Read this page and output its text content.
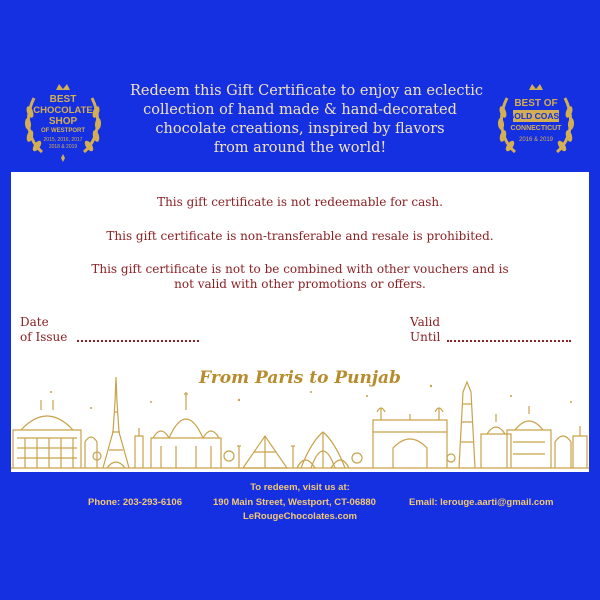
BEST
CHOCOLATE
SHOP
OF WESTPORT
2015, 2016, 2017
2018 & 2019
Redeem this Gift Certificate to enjoy an eclectic
collection of hand made & hand-decorated
chocolate creations, inspired by flavors
from around the world!
BEST OF
GOLD COAST
CONNECTICUT
2016 & 2019
This gift certificate is not redeemable for cash.
This gift certificate is non-transferable and resale is prohibited.
This gift certificate is not to be combined with other vouchers and is
not valid with other promotions or offers.
Date
of Issue
Valid
Until
From Paris to Punjab
To redeem, visit us at:
Phone: 203-293-6106	190 Main Street, Westport, CT-06880	Email: lerouge.aarti@gmail.com
LeRougeChocolates.com
